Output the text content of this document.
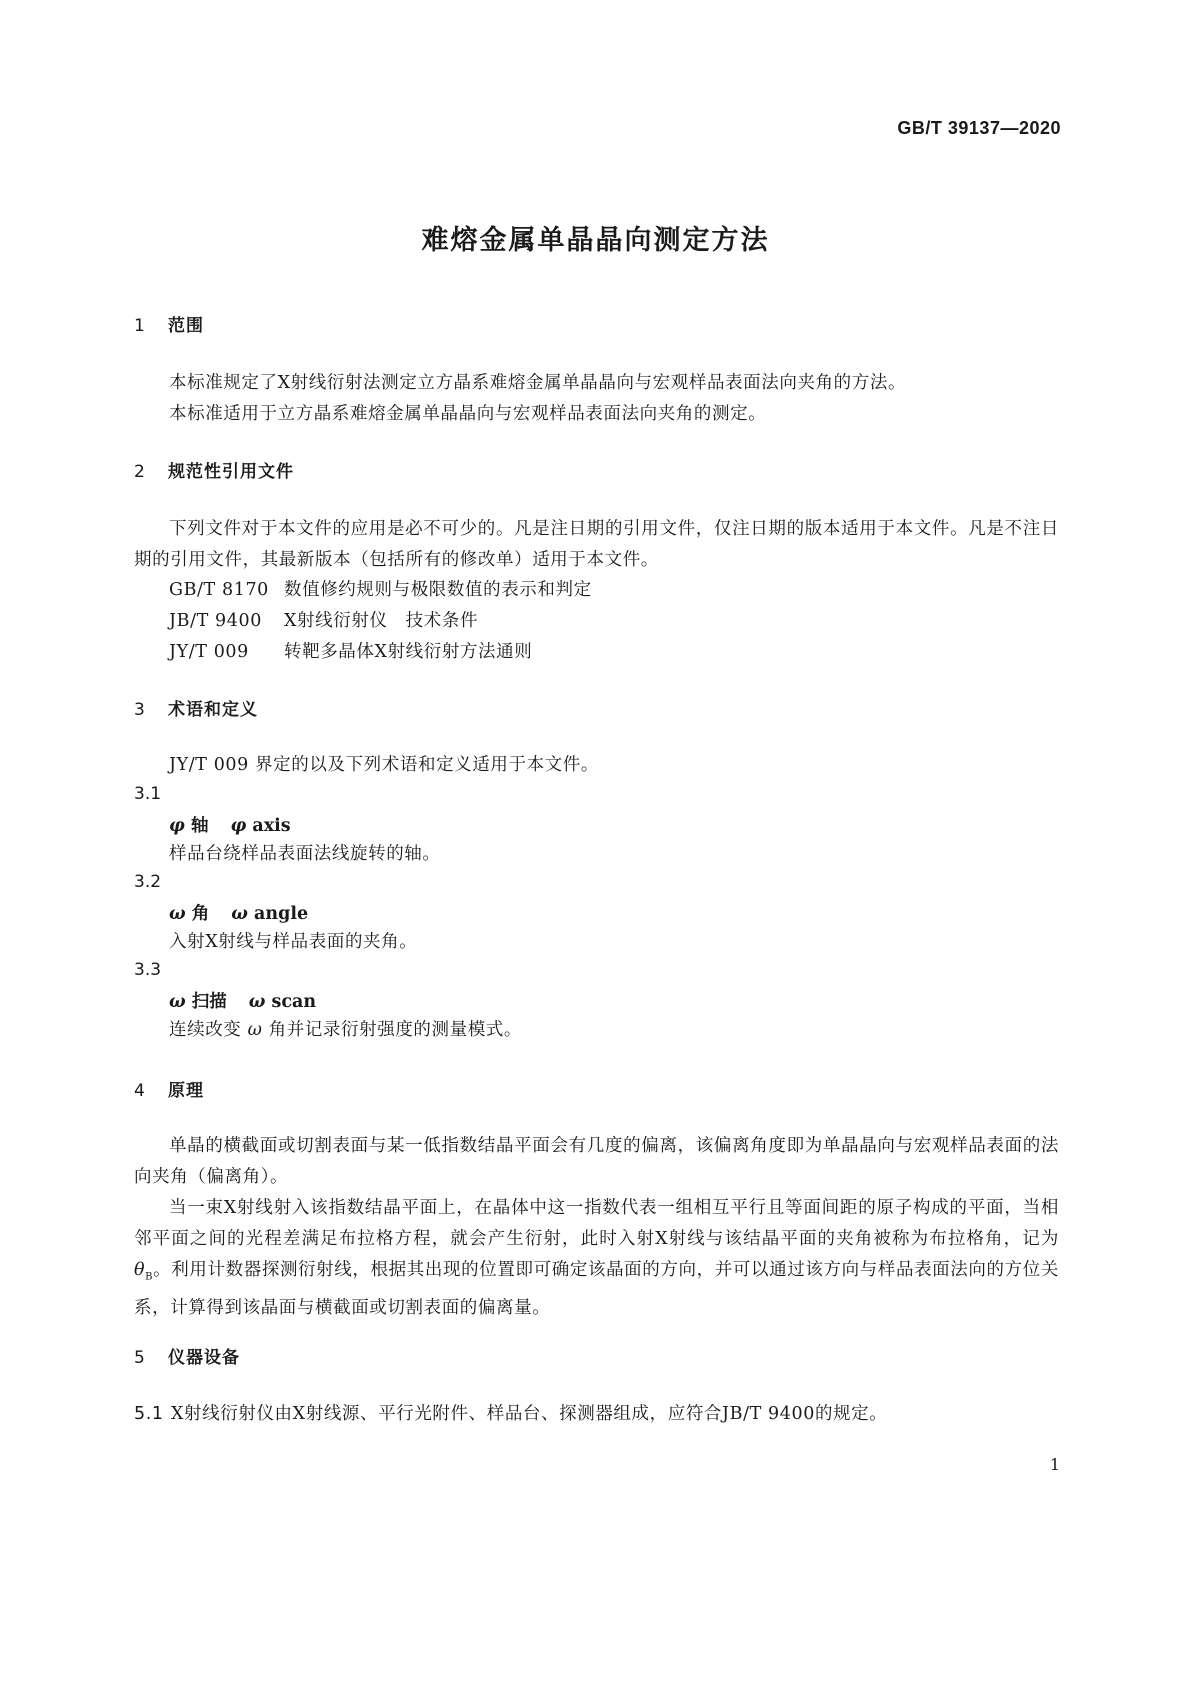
GB/T 39137—2020
难熔金属单晶晶向测定方法
1 范围
本标准规定了X射线衍射法测定立方晶系难熔金属单晶晶向与宏观样品表面法向夹角的方法。
本标准适用于立方晶系难熔金属单晶晶向与宏观样品表面法向夹角的测定。
2 规范性引用文件
下列文件对于本文件的应用是必不可少的。凡是注日期的引用文件，仅注日期的版本适用于本文件。凡是不注日期的引用文件，其最新版本（包括所有的修改单）适用于本文件。
GB/T 8170 数值修约规则与极限数值的表示和判定
JB/T 9400 X射线衍射仪　技术条件
JY/T 009 转靶多晶体X射线衍射方法通则
3 术语和定义
JY/T 009 界定的以及下列术语和定义适用于本文件。
3.1
φ 轴 φ axis
样品台绕样品表面法线旋转的轴。
3.2
ω 角 ω angle
入射X射线与样品表面的夹角。
3.3
ω 扫描 ω scan
连续改变 ω 角并记录衍射强度的测量模式。
4 原理
单晶的横截面或切割表面与某一低指数结晶平面会有几度的偏离，该偏离角度即为单晶晶向与宏观样品表面的法向夹角（偏离角）。
当一束X射线射入该指数结晶平面上，在晶体中这一指数代表一组相互平行且等面间距的原子构成的平面，当相邻平面之间的光程差满足布拉格方程，就会产生衍射，此时入射X射线与该结晶平面的夹角被称为布拉格角，记为 $\theta_B$。利用计数器探测衍射线，根据其出现的位置即可确定该晶面的方向，并可以通过该方向与样品表面法向的方位关系，计算得到该晶面与横截面或切割表面的偏离量。
5 仪器设备
5.1 X射线衍射仪由X射线源、平行光附件、样品台、探测器组成，应符合JB/T 9400的规定。
1
